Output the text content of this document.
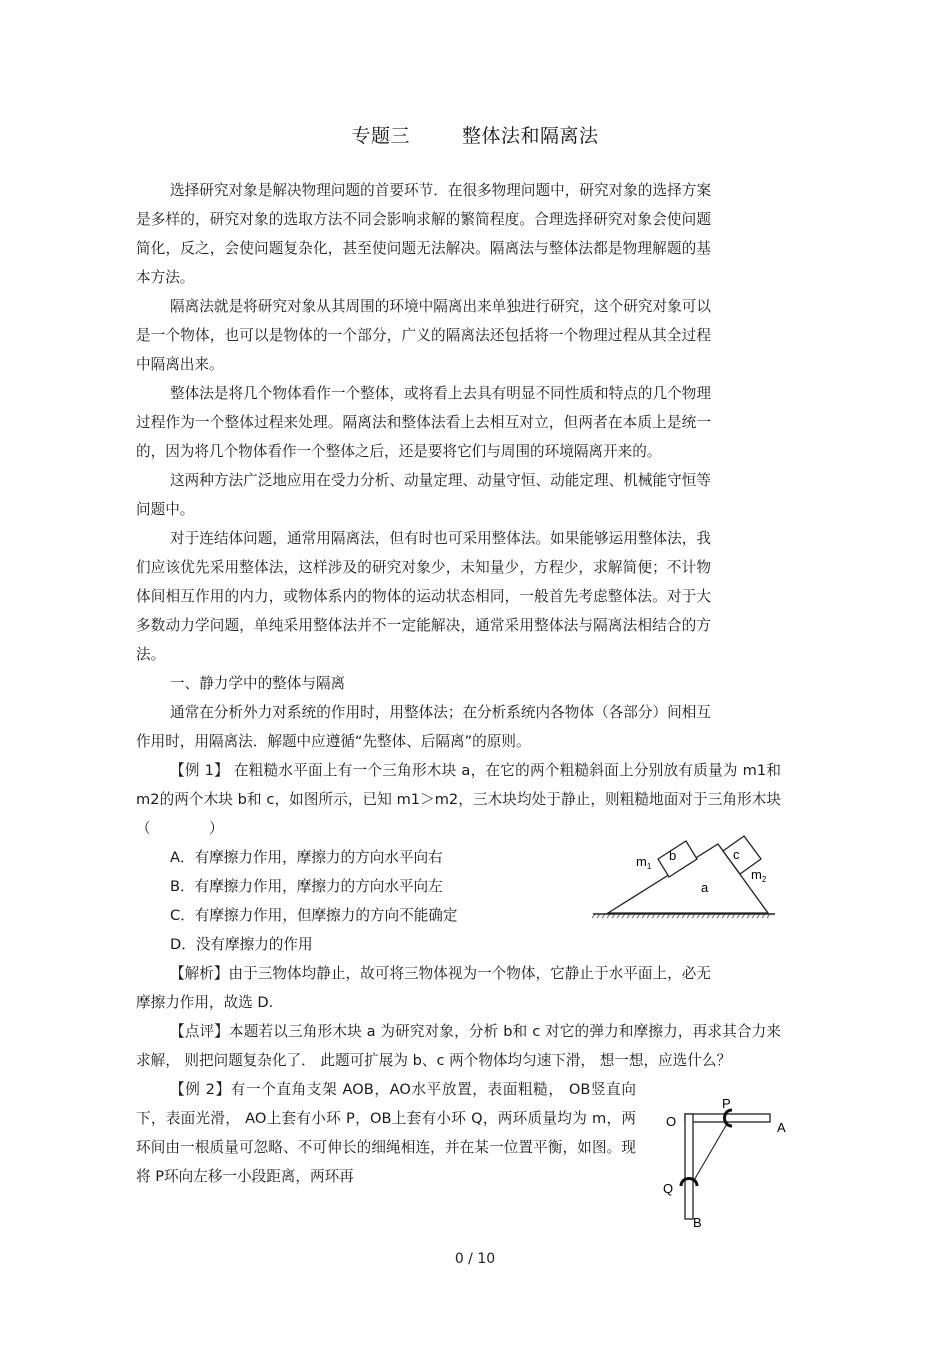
专题三	整体法和隔离法

选择研究对象是解决物理问题的首要环节．在很多物理问题中，研究对象的选择方案是多样的，研究对象的选取方法不同会影响求解的繁简程度。合理选择研究对象会使问题简化，反之，会使问题复杂化，甚至使问题无法解决。隔离法与整体法都是物理解题的基本方法。

隔离法就是将研究对象从其周围的环境中隔离出来单独进行研究，这个研究对象可以是一个物体，也可以是物体的一个部分，广义的隔离法还包括将一个物理过程从其全过程中隔离出来。

整体法是将几个物体看作一个整体，或将看上去具有明显不同性质和特点的几个物理过程作为一个整体过程来处理。隔离法和整体法看上去相互对立，但两者在本质上是统一的，因为将几个物体看作一个整体之后，还是要将它们与周围的环境隔离开来的。

这两种方法广泛地应用在受力分析、动量定理、动量守恒、动能定理、机械能守恒等问题中。

对于连结体问题，通常用隔离法，但有时也可采用整体法。如果能够运用整体法，我们应该优先采用整体法，这样涉及的研究对象少，未知量少，方程少，求解简便；不计物体间相互作用的内力，或物体系内的物体的运动状态相同，一般首先考虑整体法。对于大多数动力学问题，单纯采用整体法并不一定能解决，通常采用整体法与隔离法相结合的方法。

一、静力学中的整体与隔离

通常在分析外力对系统的作用时，用整体法；在分析系统内各物体（各部分）间相互作用时，用隔离法．解题中应遵循“先整体、后隔离”的原则。

【例 1】 在粗糙水平面上有一个三角形木块 a，在它的两个粗糙斜面上分别放有质量为 m1和 m2的两个木块 b和 c，如图所示，已知 m1＞m2，三木块均处于静止，则粗糙地面对于三角形木块（　　　　）

A．有摩擦力作用，摩擦力的方向水平向右

B．有摩擦力作用，摩擦力的方向水平向左

C．有摩擦力作用，但摩擦力的方向不能确定

D．没有摩擦力的作用

【解析】由于三物体均静止，故可将三物体视为一个物体，它静止于水平面上，必无摩擦力作用，故选 D.

【点评】本题若以三角形木块 a 为研究对象，分析 b和 c 对它的弹力和摩擦力，再求其合力来求解， 则把问题复杂化了． 此题可扩展为 b、c 两个物体均匀速下滑， 想一想，应选什么？

【例 2】有一个直角支架 AOB，AO水平放置，表面粗糙， OB竖直向下，表面光滑， AO上套有小环 P，OB上套有小环 Q，两环质量均为 m，两环间由一根质量可忽略、不可伸长的细绳相连，并在某一位置平衡，如图。现将 P环向左移一小段距离，两环再

b	c
a
$m_1$
$m_2$
O
P
A
Q
B
0 / 10
